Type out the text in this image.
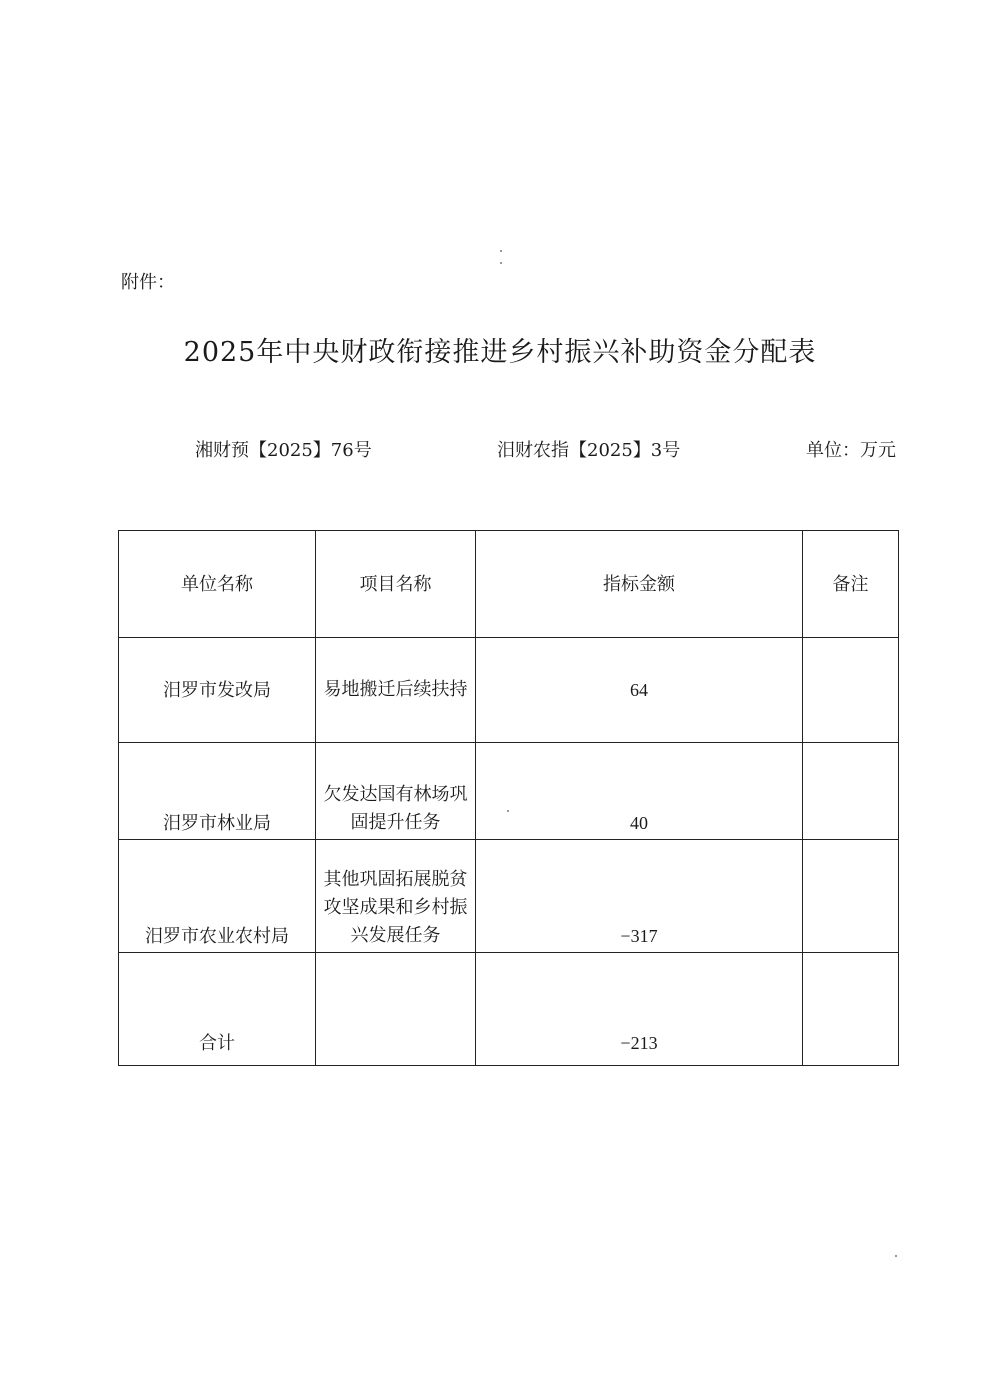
附件：
2025年中央财政衔接推进乡村振兴补助资金分配表
湘财预【2025】76号	汨财农指【2025】3号	单位：万元
单位名称	项目名称	指标金额	备注
汨罗市发改局	易地搬迁后续扶持	64	
汨罗市林业局	欠发达国有林场巩固提升任务	40	
汨罗市农业农村局	其他巩固拓展脱贫攻坚成果和乡村振兴发展任务	−317	
合计		−213	
